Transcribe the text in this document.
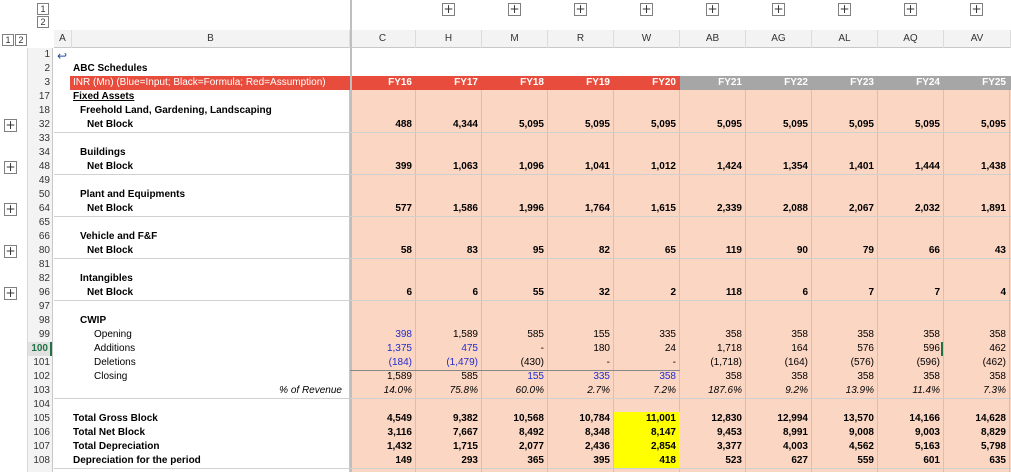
1
2
1 2
+	+	+	+	+	+	+	+	+
A	B	C	H	M	R	W	AB	AG	AL	AQ	AV
↩
1
2
3
17
18
32
33
34
48
49
50
64
65
66
80
81
82
96
97
98
99
100
101
102
103
104
105
106
107
108
+
+
+
+
+
ABC Schedules
INR (Mn) (Blue=Input; Black=Formula; Red=Assumption)	FY16	FY17	FY18	FY19	FY20	FY21	FY22	FY23	FY24	FY25
Fixed Assets
Freehold Land, Gardening, Landscaping
Net Block	488	4,344	5,095	5,095	5,095	5,095	5,095	5,095	5,095	5,095
Buildings
Net Block	399	1,063	1,096	1,041	1,012	1,424	1,354	1,401	1,444	1,438
Plant and Equipments
Net Block	577	1,586	1,996	1,764	1,615	2,339	2,088	2,067	2,032	1,891
Vehicle and F&F
Net Block	58	83	95	82	65	119	90	79	66	43
Intangibles
Net Block	6	6	55	32	2	118	6	7	7	4
CWIP
Opening	398	1,589	585	155	335	358	358	358	358	358
Additions	1,375	475	-	180	24	1,718	164	576	596	462
Deletions	(184)	(1,479)	(430)	-	-	(1,718)	(164)	(576)	(596)	(462)
Closing	1,589	585	155	335	358	358	358	358	358	358
% of Revenue	14.0%	75.8%	60.0%	2.7%	7.2%	187.6%	9.2%	13.9%	11.4%	7.3%
Total Gross Block	4,549	9,382	10,568	10,784	11,001	12,830	12,994	13,570	14,166	14,628
Total Net Block	3,116	7,667	8,492	8,348	8,147	9,453	8,991	9,008	9,003	8,829
Total Depreciation	1,432	1,715	2,077	2,436	2,854	3,377	4,003	4,562	5,163	5,798
Depreciation for the period	149	293	365	395	418	523	627	559	601	635
